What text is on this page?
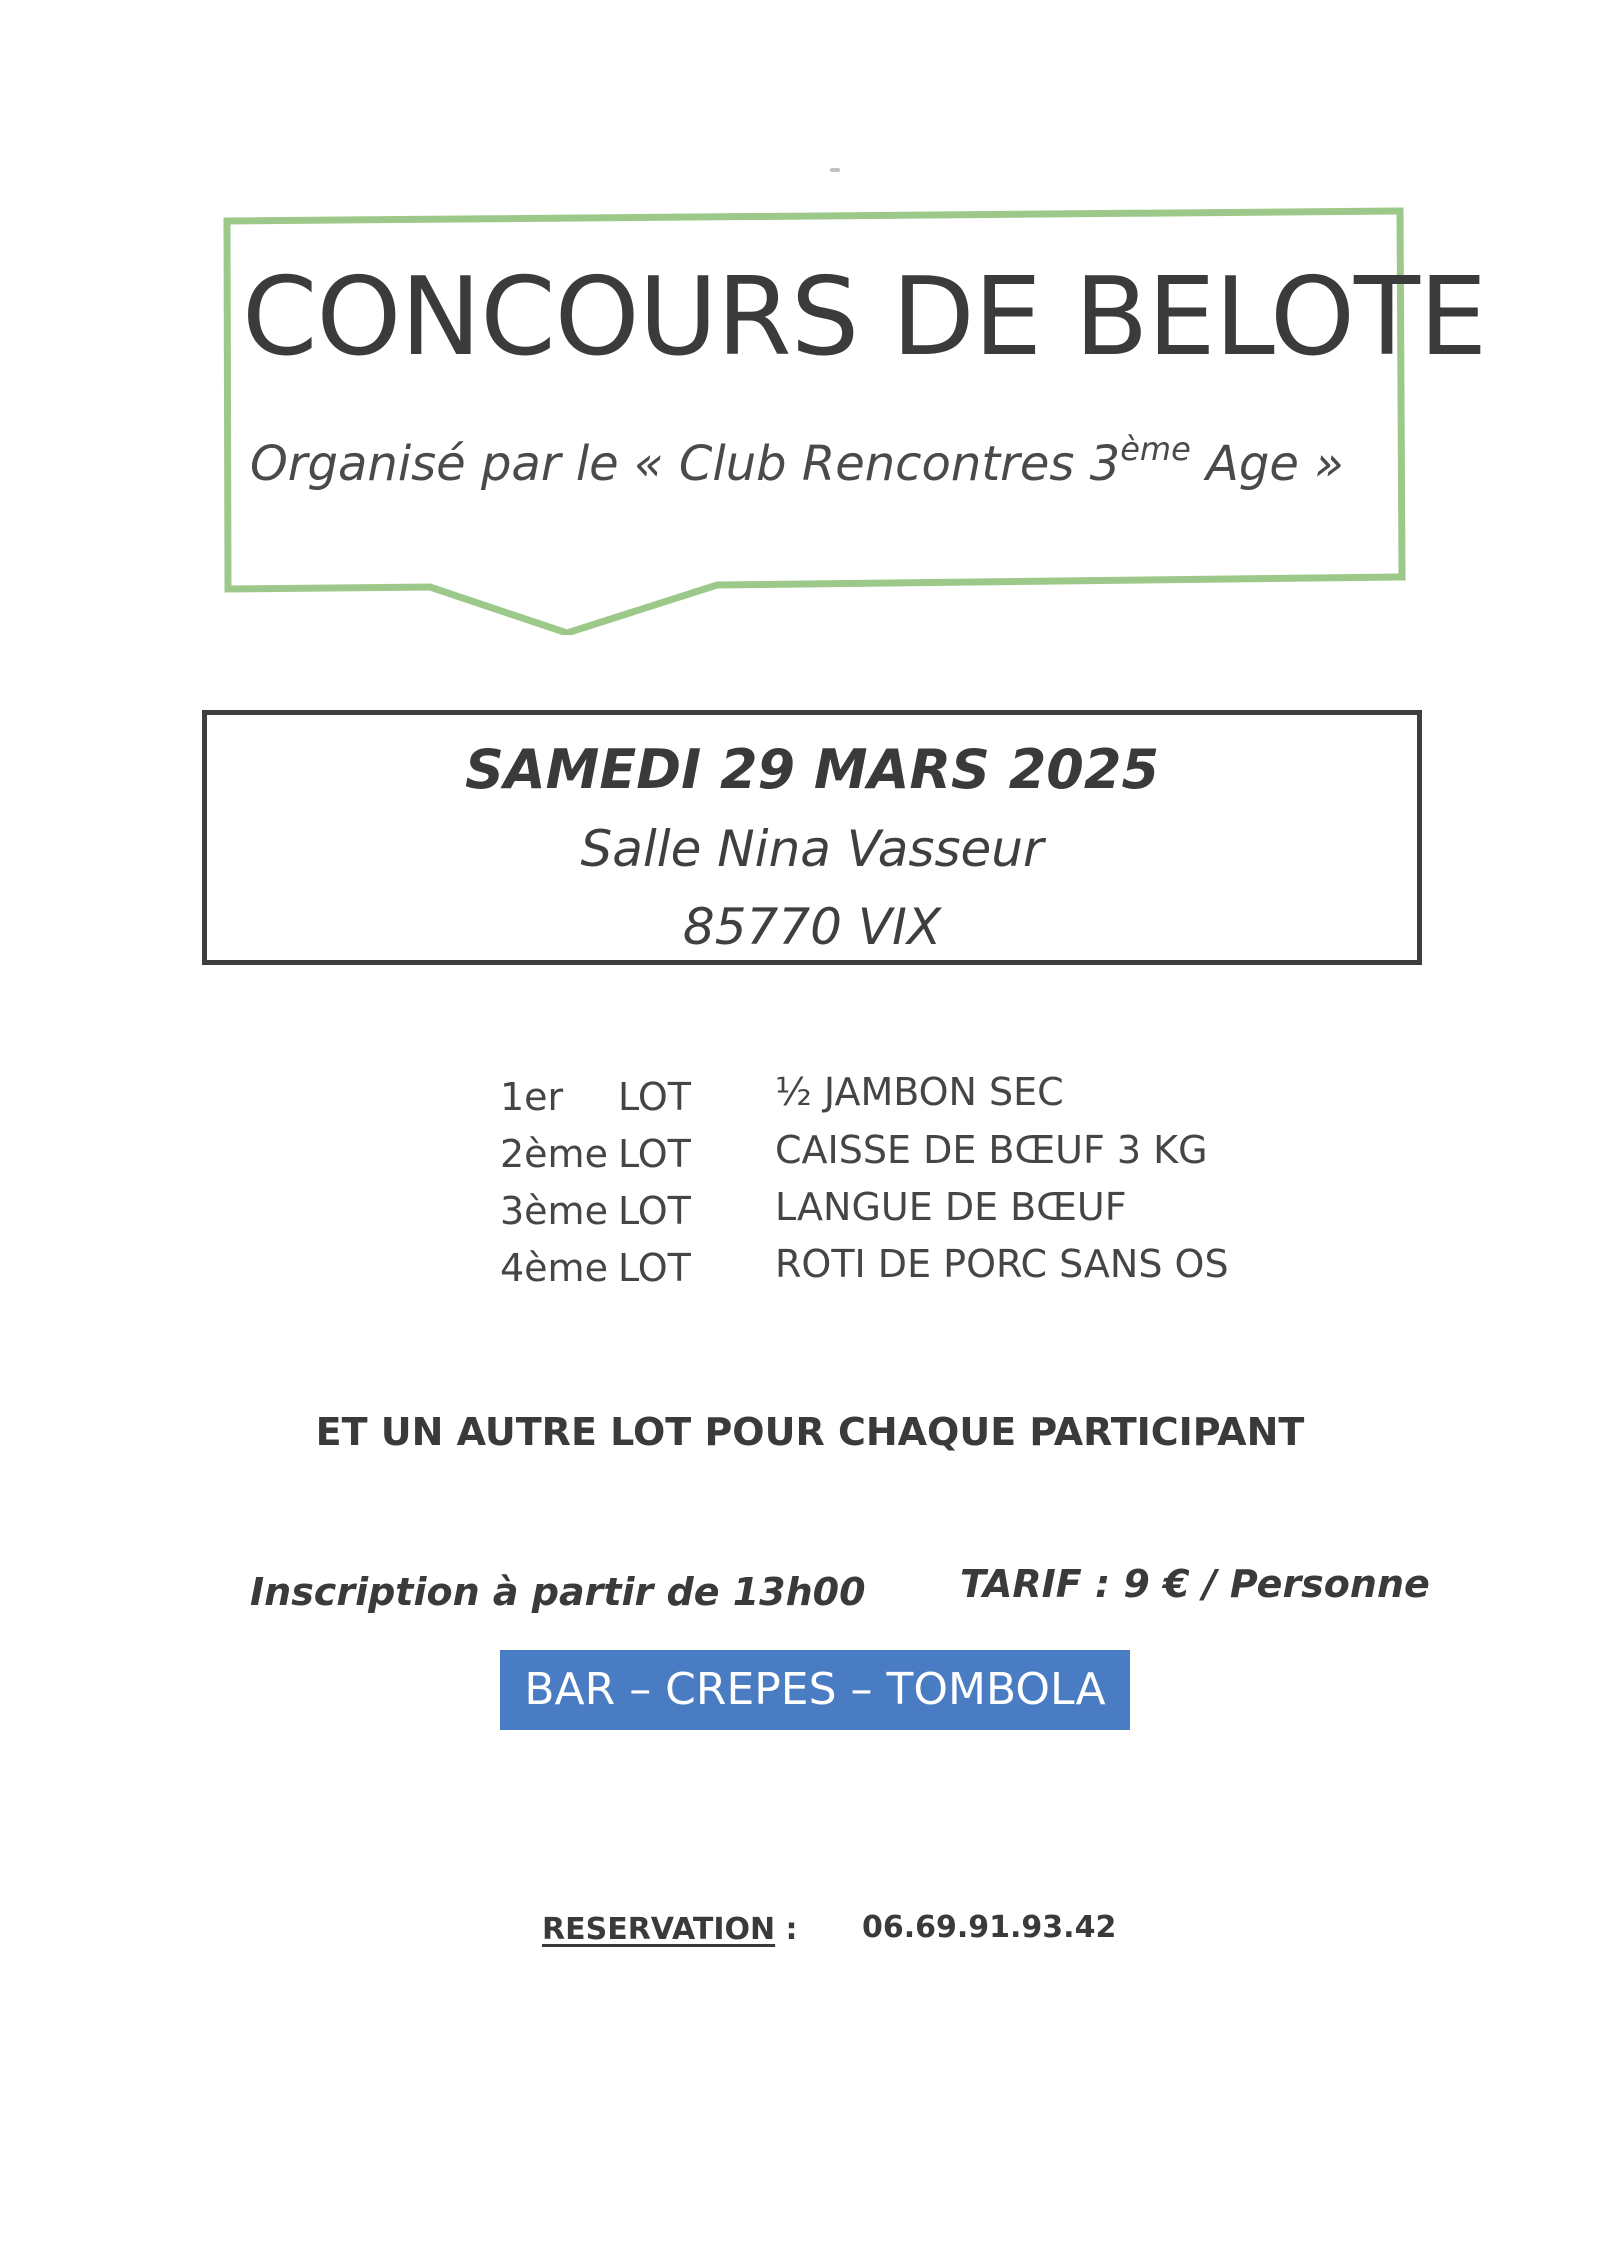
CONCOURS DE BELOTE
Organisé par le « Club Rencontres 3ème Age »
SAMEDI 29 MARS 2025
Salle Nina Vasseur
85770 VIX
1er LOT	½ JAMBON SEC
2ème LOT	CAISSE DE BŒUF 3 KG
3ème LOT	LANGUE DE BŒUF
4ème LOT	ROTI DE PORC SANS OS
ET UN AUTRE LOT POUR CHAQUE PARTICIPANT
Inscription à partir de 13h00 TARIF : 9 € / Personne
BAR – CREPES – TOMBOLA
RESERVATION : 06.69.91.93.42
